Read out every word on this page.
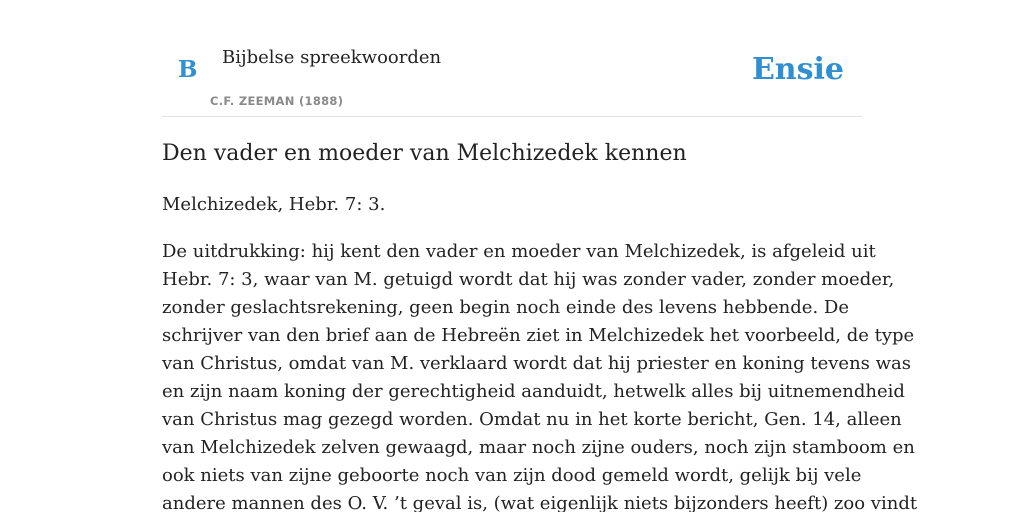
B Bijbelse spreekwoorden
C.F. ZEEMAN (1888)
Ensie
Den vader en moeder van Melchizedek kennen

Melchizedek, Hebr. 7: 3.

De uitdrukking: hij kent den vader en moeder van Melchizedek, is afgeleid uit
Hebr. 7: 3, waar van M. getuigd wordt dat hij was zonder vader, zonder moeder,
zonder geslachtsrekening, geen begin noch einde des levens hebbende. De
schrijver van den brief aan de Hebreën ziet in Melchizedek het voorbeeld, de type
van Christus, omdat van M. verklaard wordt dat hij priester en koning tevens was
en zijn naam koning der gerechtigheid aanduidt, hetwelk alles bij uitnemendheid
van Christus mag gezegd worden. Omdat nu in het korte bericht, Gen. 14, alleen
van Melchizedek zelven gewaagd, maar noch zijne ouders, noch zijn stamboom en
ook niets van zijne geboorte noch van zijn dood gemeld wordt, gelijk bij vele
andere mannen des O. V. ’t geval is, (wat eigenlijk niets bijzonders heeft) zoo vindt
